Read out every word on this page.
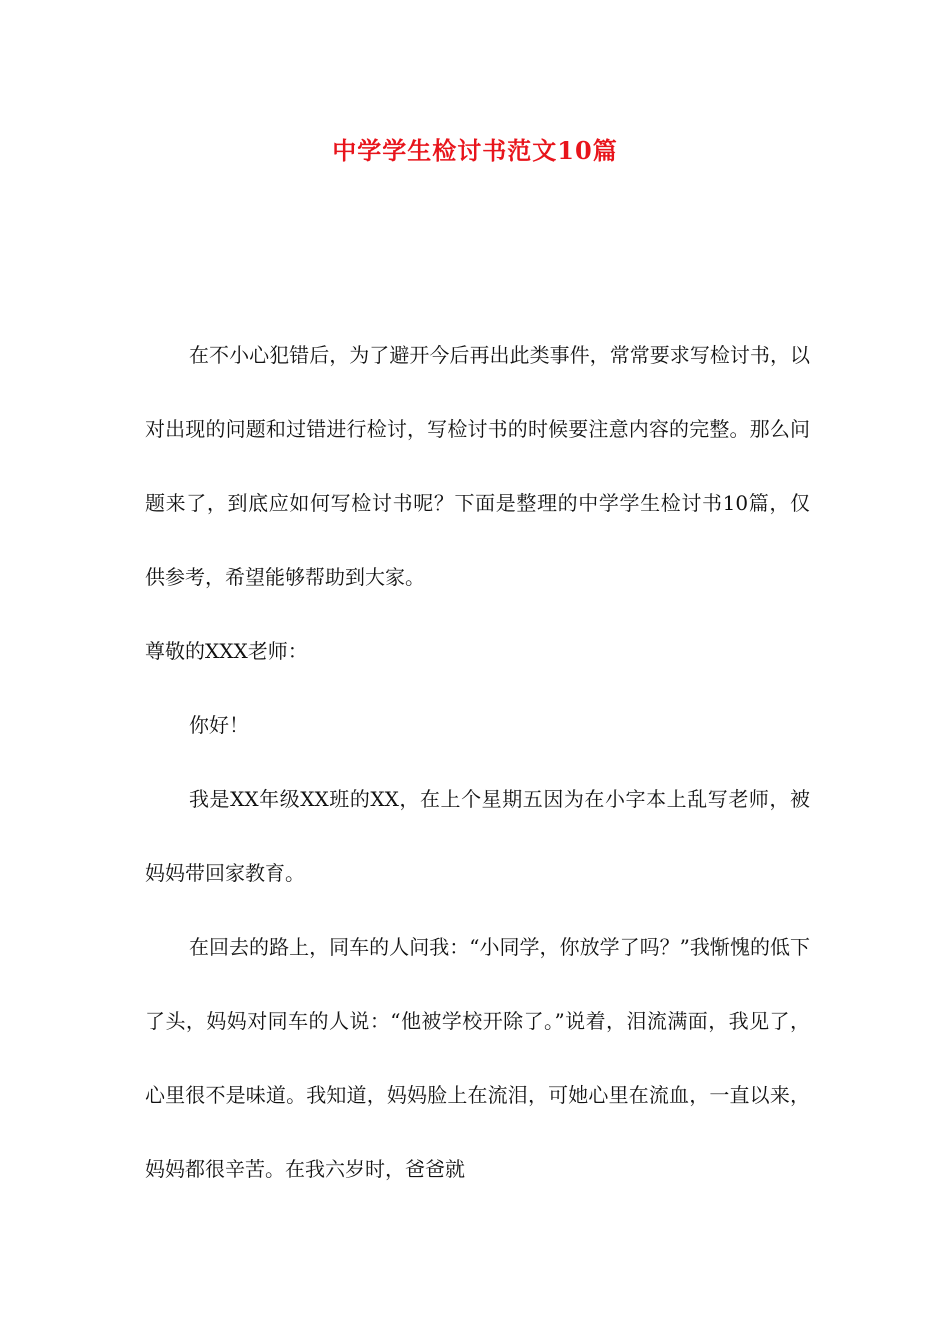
中学学生检讨书范文10篇

在不小心犯错后，为了避开今后再出此类事件，常常要求写检讨书，以对出现的问题和过错进行检讨，写检讨书的时候要注意内容的完整。那么问题来了，到底应如何写检讨书呢？下面是整理的中学学生检讨书10篇，仅供参考，希望能够帮助到大家。

尊敬的XXX老师：

你好！

我是XX年级XX班的XX，在上个星期五因为在小字本上乱写老师，被妈妈带回家教育。

在回去的路上，同车的人问我：“小同学，你放学了吗？”我惭愧的低下了头，妈妈对同车的人说：“他被学校开除了。”说着，泪流满面，我见了，心里很不是味道。我知道，妈妈脸上在流泪，可她心里在流血，一直以来，妈妈都很辛苦。在我六岁时，爸爸就
